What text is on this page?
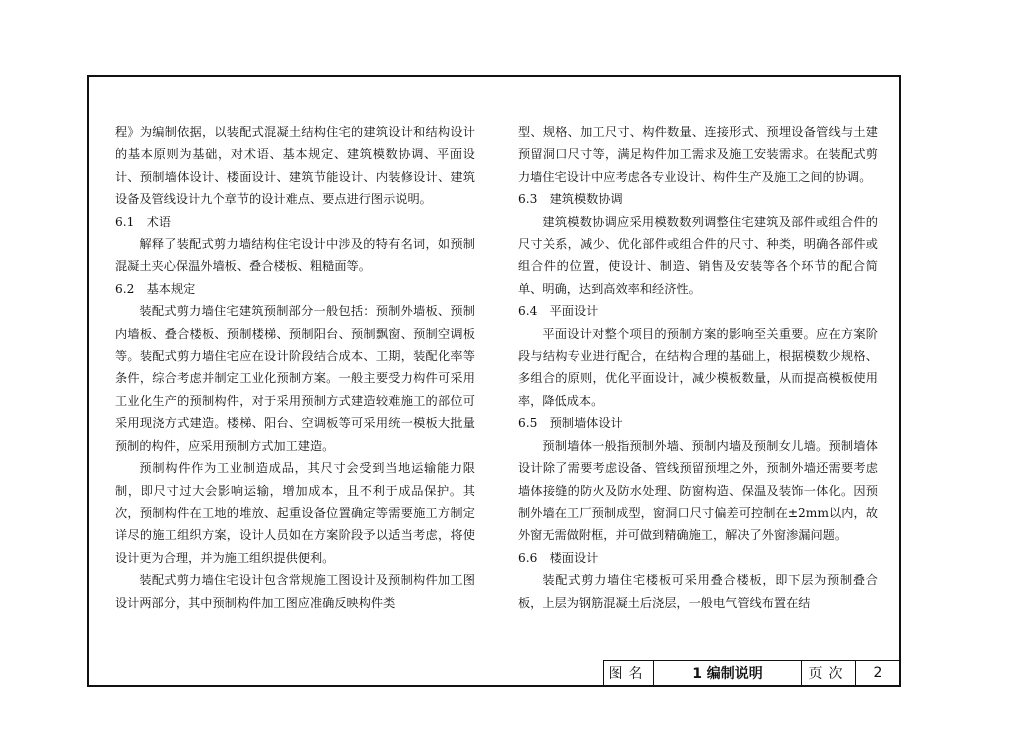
程》为编制依据，以装配式混凝土结构住宅的建筑设计和结构设计的基本原则为基础，对术语、基本规定、建筑模数协调、平面设计、预制墙体设计、楼面设计、建筑节能设计、内装修设计、建筑设备及管线设计九个章节的设计难点、要点进行图示说明。

6.1　术语

解释了装配式剪力墙结构住宅设计中涉及的特有名词，如预制混凝土夹心保温外墙板、叠合楼板、粗糙面等。

6.2　基本规定

装配式剪力墙住宅建筑预制部分一般包括：预制外墙板、预制内墙板、叠合楼板、预制楼梯、预制阳台、预制飘窗、预制空调板等。装配式剪力墙住宅应在设计阶段结合成本、工期，装配化率等条件，综合考虑并制定工业化预制方案。一般主要受力构件可采用工业化生产的预制构件，对于采用预制方式建造较难施工的部位可采用现浇方式建造。楼梯、阳台、空调板等可采用统一模板大批量预制的构件，应采用预制方式加工建造。

预制构件作为工业制造成品，其尺寸会受到当地运输能力限制，即尺寸过大会影响运输，增加成本，且不利于成品保护。其次，预制构件在工地的堆放、起重设备位置确定等需要施工方制定详尽的施工组织方案，设计人员如在方案阶段予以适当考虑，将使设计更为合理，并为施工组织提供便利。

装配式剪力墙住宅设计包含常规施工图设计及预制构件加工图设计两部分，其中预制构件加工图应准确反映构件类

型、规格、加工尺寸、构件数量、连接形式、预埋设备管线与土建预留洞口尺寸等，满足构件加工需求及施工安装需求。在装配式剪力墙住宅设计中应考虑各专业设计、构件生产及施工之间的协调。

6.3　建筑模数协调

建筑模数协调应采用模数数列调整住宅建筑及部件或组合件的尺寸关系，减少、优化部件或组合件的尺寸、种类，明确各部件或组合件的位置，使设计、制造、销售及安装等各个环节的配合简单、明确，达到高效率和经济性。

6.4　平面设计

平面设计对整个项目的预制方案的影响至关重要。应在方案阶段与结构专业进行配合，在结构合理的基础上，根据模数少规格、多组合的原则，优化平面设计，减少模板数量，从而提高模板使用率，降低成本。

6.5　预制墙体设计

预制墙体一般指预制外墙、预制内墙及预制女儿墙。预制墙体设计除了需要考虑设备、管线预留预埋之外，预制外墙还需要考虑墙体接缝的防火及防水处理、防窗构造、保温及装饰一体化。因预制外墙在工厂预制成型，窗洞口尺寸偏差可控制在±2mm以内，故外窗无需做附框，并可做到精确施工，解决了外窗渗漏问题。

6.6　楼面设计

装配式剪力墙住宅楼板可采用叠合楼板，即下层为预制叠合板，上层为钢筋混凝土后浇层，一般电气管线布置在结

图名	1 编制说明	页次	2
